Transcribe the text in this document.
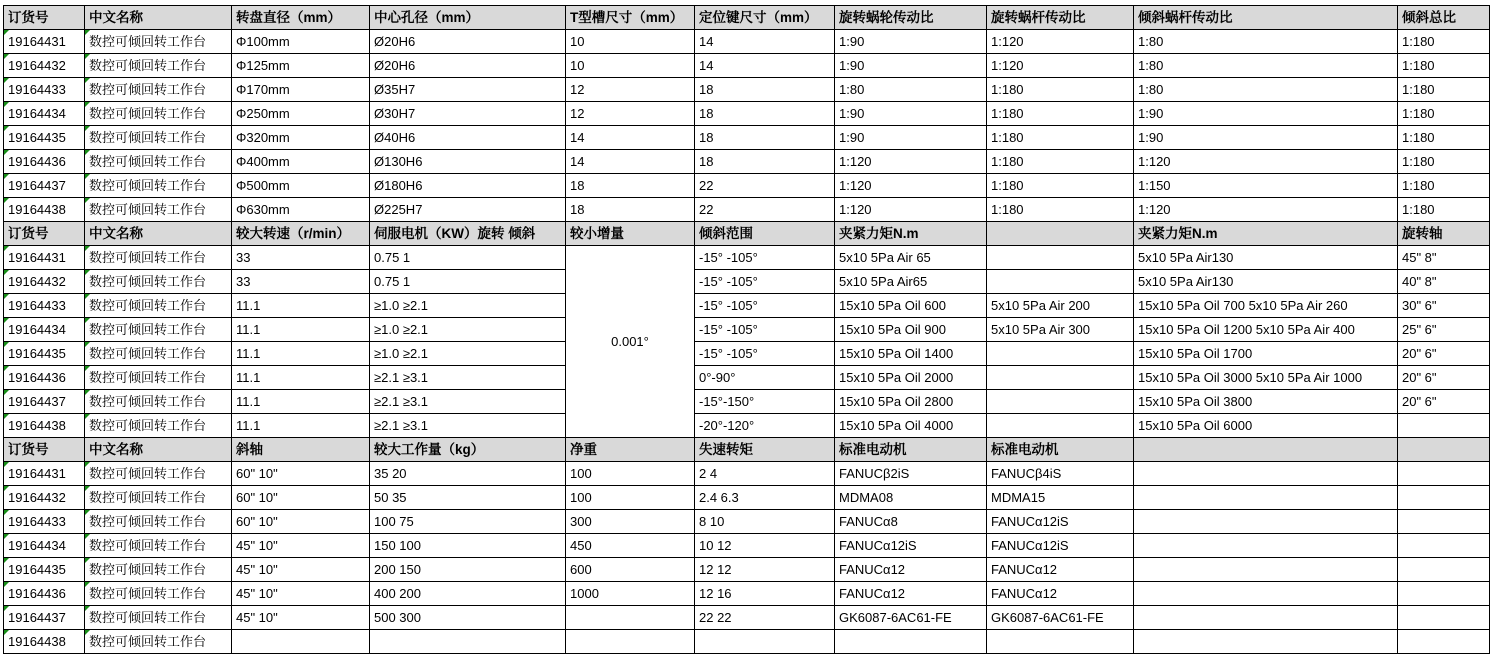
订货号	中文名称	转盘直径（mm）	中心孔径（mm）	T型槽尺寸（mm）	定位键尺寸（mm）	旋转蜗轮传动比	旋转蜗杆传动比	倾斜蜗杆传动比	倾斜总比
19164431	数控可倾回转工作台	Φ100mm	Ø20H6	10	14	1:90	1:120	1:80	1:180
19164432	数控可倾回转工作台	Φ125mm	Ø20H6	10	14	1:90	1:120	1:80	1:180
19164433	数控可倾回转工作台	Φ170mm	Ø35H7	12	18	1:80	1:180	1:80	1:180
19164434	数控可倾回转工作台	Φ250mm	Ø30H7	12	18	1:90	1:180	1:90	1:180
19164435	数控可倾回转工作台	Φ320mm	Ø40H6	14	18	1:90	1:180	1:90	1:180
19164436	数控可倾回转工作台	Φ400mm	Ø130H6	14	18	1:120	1:180	1:120	1:180
19164437	数控可倾回转工作台	Φ500mm	Ø180H6	18	22	1:120	1:180	1:150	1:180
19164438	数控可倾回转工作台	Φ630mm	Ø225H7	18	22	1:120	1:180	1:120	1:180
订货号	中文名称	较大转速（r/min）	伺服电机（KW）旋转 倾斜	较小增量	倾斜范围	夹紧力矩N.m		夹紧力矩N.m	旋转轴
19164431	数控可倾回转工作台	33	0.75 1	0.001°	-15° -105°	5x10 5Pa Air 65		5x10 5Pa Air130	45" 8"
19164432	数控可倾回转工作台	33	0.75 1		-15° -105°	5x10 5Pa Air65		5x10 5Pa Air130	40" 8"
19164433	数控可倾回转工作台	11.1	≥1.0 ≥2.1		-15° -105°	15x10 5Pa Oil 600	5x10 5Pa Air 200	15x10 5Pa Oil 700 5x10 5Pa Air 260	30" 6"
19164434	数控可倾回转工作台	11.1	≥1.0 ≥2.1		-15° -105°	15x10 5Pa Oil 900	5x10 5Pa Air 300	15x10 5Pa Oil 1200 5x10 5Pa Air 400	25" 6"
19164435	数控可倾回转工作台	11.1	≥1.0 ≥2.1		-15° -105°	15x10 5Pa Oil 1400		15x10 5Pa Oil 1700	20" 6"
19164436	数控可倾回转工作台	11.1	≥2.1 ≥3.1		0°-90°	15x10 5Pa Oil 2000		15x10 5Pa Oil 3000 5x10 5Pa Air 1000	20" 6"
19164437	数控可倾回转工作台	11.1	≥2.1 ≥3.1		-15°-150°	15x10 5Pa Oil 2800		15x10 5Pa Oil 3800	20" 6"
19164438	数控可倾回转工作台	11.1	≥2.1 ≥3.1		-20°-120°	15x10 5Pa Oil 4000		15x10 5Pa Oil 6000	
订货号	中文名称	斜轴	较大工作量（kg）	净重	失速转矩	标准电动机	标准电动机		
19164431	数控可倾回转工作台	60" 10"	35 20	100	2 4	FANUCβ2iS	FANUCβ4iS		
19164432	数控可倾回转工作台	60" 10"	50 35	100	2.4 6.3	MDMA08	MDMA15		
19164433	数控可倾回转工作台	60" 10"	100 75	300	8 10	FANUCα8	FANUCα12iS		
19164434	数控可倾回转工作台	45" 10"	150 100	450	10 12	FANUCα12iS	FANUCα12iS		
19164435	数控可倾回转工作台	45" 10"	200 150	600	12 12	FANUCα12	FANUCα12		
19164436	数控可倾回转工作台	45" 10"	400 200	1000	12 16	FANUCα12	FANUCα12		
19164437	数控可倾回转工作台	45" 10"	500 300		22 22	GK6087-6AC61-FE	GK6087-6AC61-FE		
19164438	数控可倾回转工作台								
